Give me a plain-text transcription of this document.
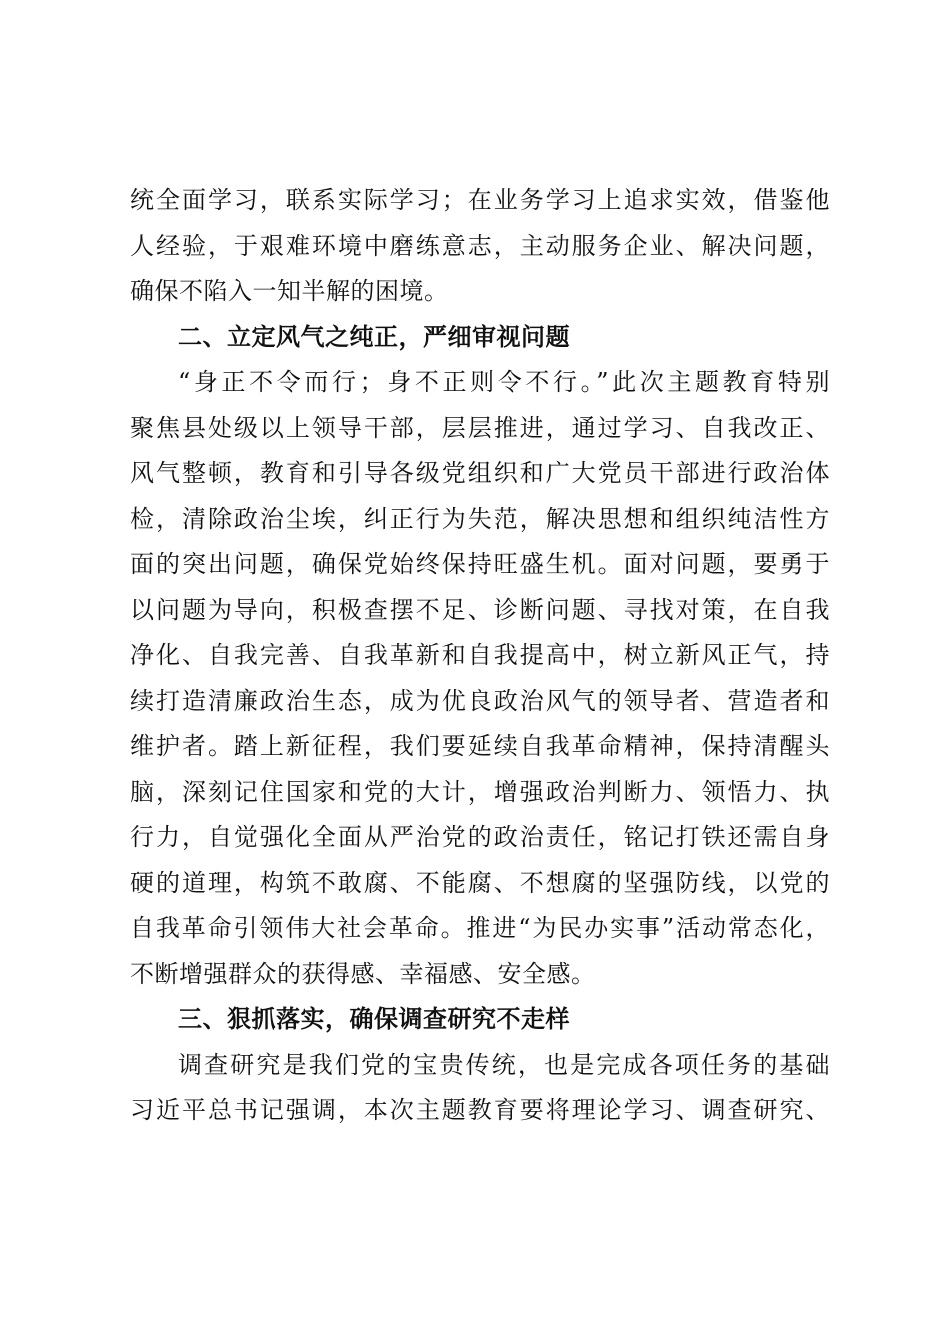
统全面学习，联系实际学习；在业务学习上追求实效，借鉴他
人经验，于艰难环境中磨练意志，主动服务企业、解决问题，
确保不陷入一知半解的困境。
二、立定风气之纯正，严细审视问题
“身正不令而行；身不正则令不行。”此次主题教育特别
聚焦县处级以上领导干部，层层推进，通过学习、自我改正、
风气整顿，教育和引导各级党组织和广大党员干部进行政治体
检，清除政治尘埃，纠正行为失范，解决思想和组织纯洁性方
面的突出问题，确保党始终保持旺盛生机。面对问题，要勇于
以问题为导向，积极查摆不足、诊断问题、寻找对策，在自我
净化、自我完善、自我革新和自我提高中，树立新风正气，持
续打造清廉政治生态，成为优良政治风气的领导者、营造者和
维护者。踏上新征程，我们要延续自我革命精神，保持清醒头
脑，深刻记住国家和党的大计，增强政治判断力、领悟力、执
行力，自觉强化全面从严治党的政治责任，铭记打铁还需自身
硬的道理，构筑不敢腐、不能腐、不想腐的坚强防线，以党的
自我革命引领伟大社会革命。推进“为民办实事”活动常态化，
不断增强群众的获得感、幸福感、安全感。
三、狠抓落实，确保调查研究不走样
调查研究是我们党的宝贵传统，也是完成各项任务的基础
习近平总书记强调，本次主题教育要将理论学习、调查研究、
